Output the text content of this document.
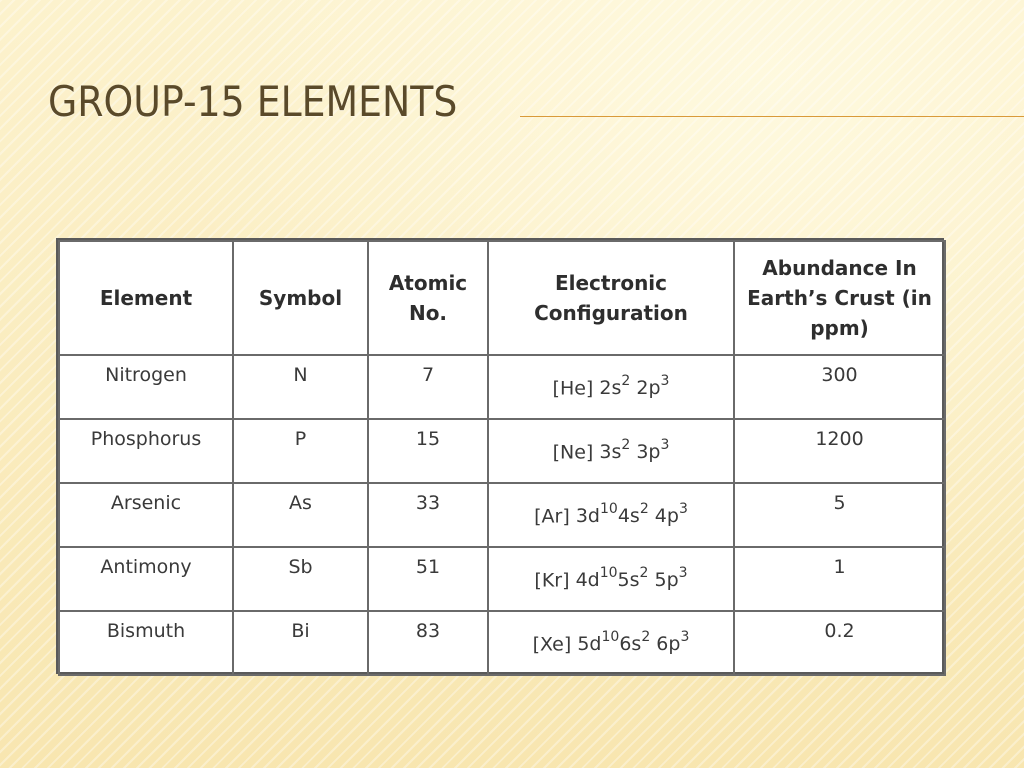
GROUP-15 ELEMENTS
Element	Symbol	Atomic No.	Electronic Configuration	Abundance In Earth’s Crust (in ppm)
Nitrogen	N	7	[He] $2s^2$ $2p^3$	300
Phosphorus	P	15	[Ne] $3s^2$ $3p^3$	1200
Arsenic	As	33	[Ar] $3d^{10}4s^2$ $4p^3$	5
Antimony	Sb	51	[Kr] $4d^{10}5s^2$ $5p^3$	1
Bismuth	Bi	83	[Xe] $5d^{10}6s^2$ $6p^3$	0.2
